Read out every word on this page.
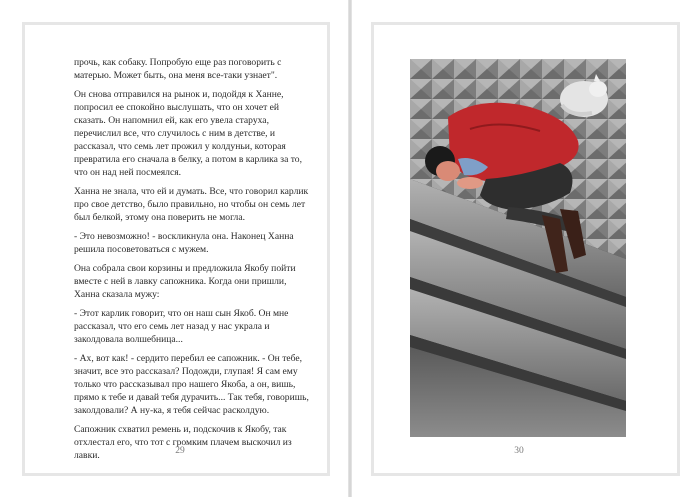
прочь, как собаку. Попробую еще раз поговорить с матерью. Может быть, она меня все-таки узнает".

Он снова отправился на рынок и, подойдя к Ханне, попросил ее спокойно выслушать, что он хочет ей сказать. Он напомнил ей, как его увела старуха, перечислил все, что случилось с ним в детстве, и рассказал, что семь лет прожил у колдуньи, которая превратила его сначала в белку, а потом в карлика за то, что он над ней посмеялся.

Ханна не знала, что ей и думать. Все, что говорил карлик про свое детство, было правильно, но чтобы он семь лет был белкой, этому она поверить не могла.

- Это невозможно! - воскликнула она. Наконец Ханна решила посоветоваться с мужем.

Она собрала свои корзины и предложила Якобу пойти вместе с ней в лавку сапожника. Когда они пришли, Ханна сказала мужу:

- Этот карлик говорит, что он наш сын Якоб. Он мне рассказал, что его семь лет назад у нас украла и заколдовала волшебница...

- Ах, вот как! - сердито перебил ее сапожник. - Он тебе, значит, все это рассказал? Подожди, глупая! Я сам ему только что рассказывал про нашего Якоба, а он, вишь, прямо к тебе и давай тебя дурачить... Так тебя, говоришь, заколдовали? А ну-ка, я тебя сейчас расколдую.

Сапожник схватил ремень и, подскочив к Якобу, так отхлестал его, что тот с громким плачем выскочил из лавки.	29	30
